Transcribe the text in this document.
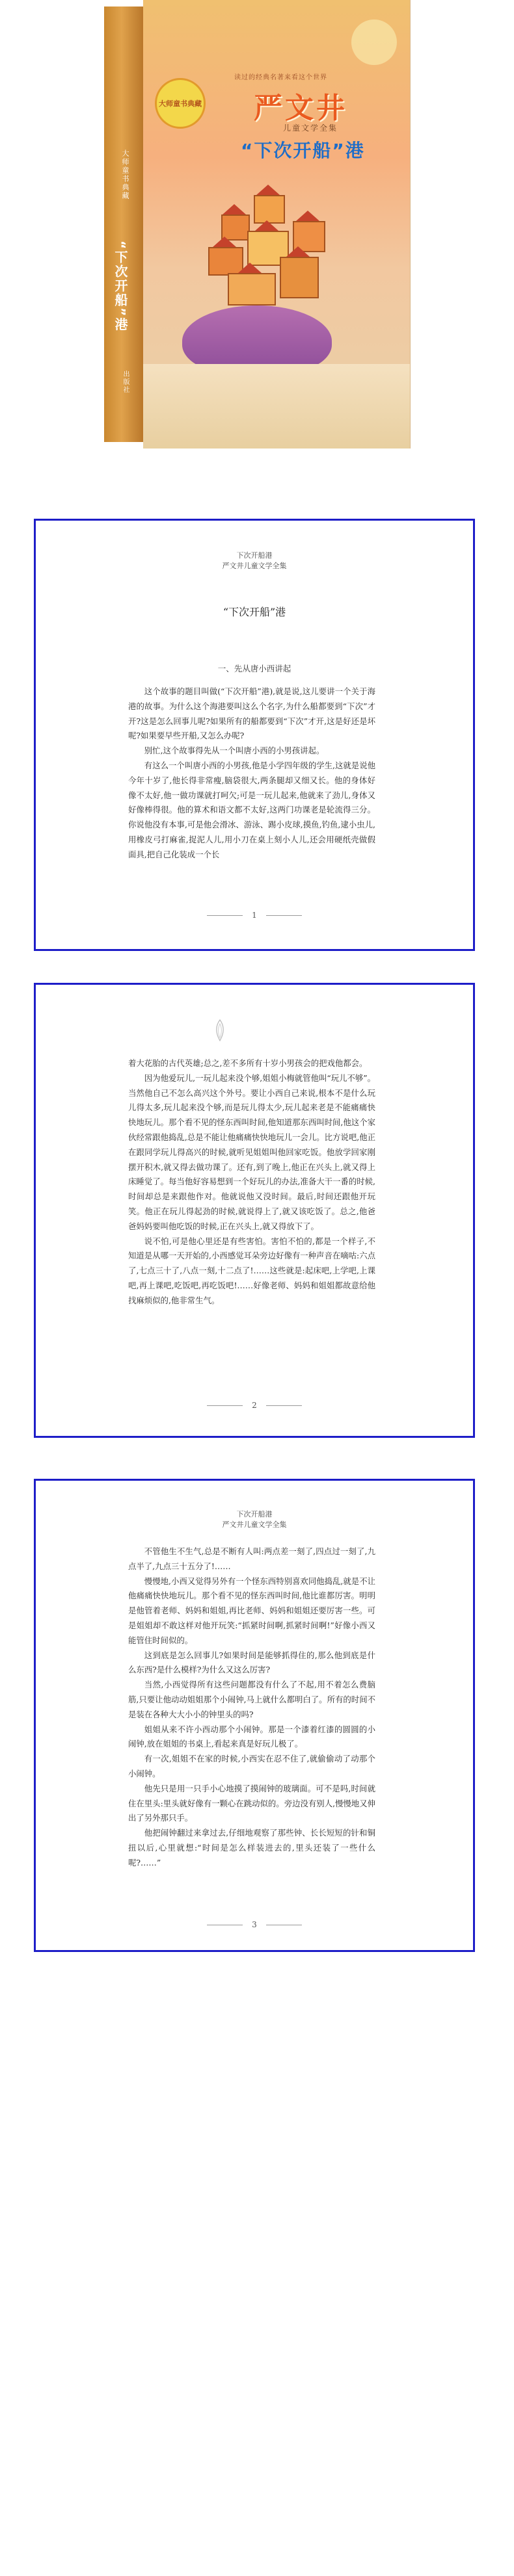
大师童书典藏
“下次开船”港
出版社
大师童书典藏
读过的经典名著来看这个世界
严文井
儿童文学全集
“下次开船”港
下次开船港
严文井儿童文学全集
“下次开船”港
一、先从唐小西讲起

这个故事的题目叫做(“下次开船”港),就是说,这儿要讲一个关于海港的故事。为什么这个海港要叫这么个名字,为什么船都要到“下次”才开?这是怎么回事儿呢?如果所有的船都要到“下次”才开,这是好还是坏呢?如果要早些开船,又怎么办呢?

别忙,这个故事得先从一个叫唐小西的小男孩讲起。

有这么一个叫唐小西的小男孩,他是小学四年级的学生,这就是说他今年十岁了,他长得非常瘦,脑袋很大,两条腿却又细又长。他的身体好像不太好,他一做功课就打呵欠;可是一玩儿起来,他就来了劲儿,身体又好像棒得很。他的算术和语文都不太好,这两门功课老是轮流得三分。你说他没有本事,可是他会滑冰、游泳、踢小皮球,摸鱼,钓鱼,逮小虫儿,用橡皮弓打麻雀,捉泥人儿,用小刀在桌上刻小人儿,还会用硬纸壳做假面具,把自己化装成一个长

1

着大花胎的古代英雄;总之,差不多所有十岁小男孩会的把戏他都会。

因为他爱玩儿,一玩儿起来没个够,姐姐小梅就管他叫“玩儿不够”。当然他自己不怎么高兴这个外号。要让小西自己来说,根本不是什么玩儿得太多,玩儿起来没个够,而是玩儿得太少,玩儿起来老是不能痛痛快快地玩儿。那个看不见的怪东西叫时间,他知道那东西叫时间,他这个家伙经常跟他捣乱,总是不能让他痛痛快快地玩儿一会儿。比方说吧,他正在跟同学玩儿得高兴的时候,就听见姐姐叫他回家吃饭。他放学回家刚摆开积木,就又得去做功课了。还有,到了晚上,他正在兴头上,就又得上床睡觉了。每当他好容易想到一个好玩儿的办法,准备大干一番的时候,时间却总是来跟他作对。他就说他又没时间。最后,时间还跟他开玩笑。他正在玩儿得起劲的时候,就说得上了,就又该吃饭了。总之,他爸爸妈妈要叫他吃饭的时候,正在兴头上,就又得放下了。

说不怕,可是他心里还是有些害怕。害怕不怕的,都是一个样子,不知道是从哪一天开始的,小西感觉耳朵旁边好像有一种声音在嘀咕:六点了,七点三十了,八点一刻,十二点了!……这些就是:起床吧,上学吧,上课吧,再上课吧,吃饭吧,再吃饭吧!……好像老师、妈妈和姐姐都故意给他找麻烦似的,他非常生气。

2
下次开船港
严文井儿童文学全集

不管他生不生气,总是不断有人叫:两点差一刻了,四点过一刻了,九点半了,九点三十五分了!……

慢慢地,小西又觉得另外有一个怪东西特别喜欢同他捣乱,就是不让他痛痛快快地玩儿。那个看不见的怪东西叫时间,他比谁都厉害。明明是他管着老师、妈妈和姐姐,再比老师、妈妈和姐姐还要厉害一些。可是姐姐却不敢这样对他开玩笑:“抓紧时间啊,抓紧时间啊!”好像小西又能管住时间似的。

这到底是怎么回事儿?如果时间是能够抓得住的,那么他到底是什么东西?是什么模样?为什么又这么厉害?

当然,小西觉得所有这些问题都没有什么了不起,用不着怎么费脑筋,只要让他动动姐姐那个小闹钟,马上就什么都明白了。所有的时间不是装在各种大大小小的钟里头的吗?

姐姐从来不许小西动那个小闹钟。那是一个漆着红漆的圆圆的小闹钟,放在姐姐的书桌上,看起来真是好玩儿极了。

有一次,姐姐不在家的时候,小西实在忍不住了,就偷偷动了动那个小闹钟。

他先只是用一只手小心地摸了摸闹钟的玻璃面。可不是吗,时间就住在里头:里头就好像有一颗心在跳动似的。旁边没有别人,慢慢地又伸出了另外那只手。

他把闹钟翻过来拿过去,仔细地观察了那些钟、长长短短的针和铜扭以后,心里就想:“时间是怎么样装进去的,里头还装了一些什么呢?……”

3
